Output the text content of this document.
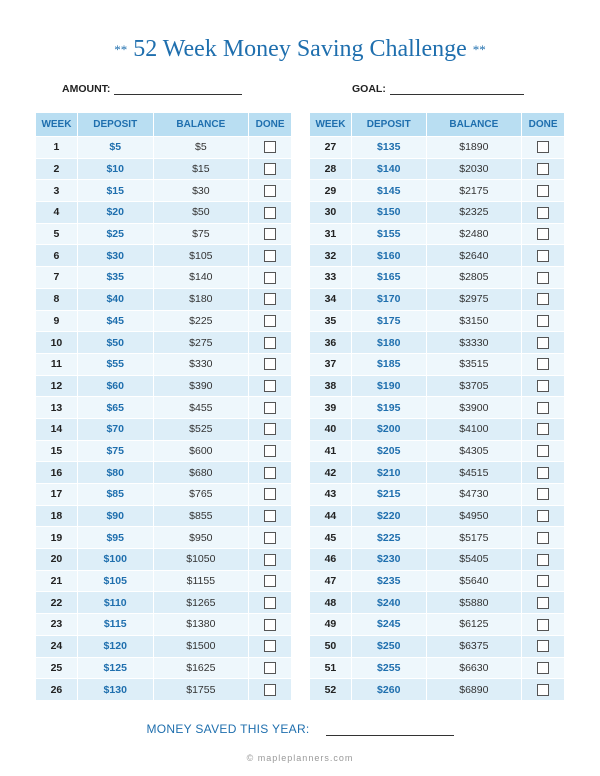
** 52 Week Money Saving Challenge **
AMOUNT:	GOAL:
WEEK	DEPOSIT	BALANCE	DONE
1	$5	$5	
2	$10	$15	
3	$15	$30	
4	$20	$50	
5	$25	$75	
6	$30	$105	
7	$35	$140	
8	$40	$180	
9	$45	$225	
10	$50	$275	
11	$55	$330	
12	$60	$390	
13	$65	$455	
14	$70	$525	
15	$75	$600	
16	$80	$680	
17	$85	$765	
18	$90	$855	
19	$95	$950	
20	$100	$1050	
21	$105	$1155	
22	$110	$1265	
23	$115	$1380	
24	$120	$1500	
25	$125	$1625	
26	$130	$1755	
WEEK	DEPOSIT	BALANCE	DONE
27	$135	$1890	
28	$140	$2030	
29	$145	$2175	
30	$150	$2325	
31	$155	$2480	
32	$160	$2640	
33	$165	$2805	
34	$170	$2975	
35	$175	$3150	
36	$180	$3330	
37	$185	$3515	
38	$190	$3705	
39	$195	$3900	
40	$200	$4100	
41	$205	$4305	
42	$210	$4515	
43	$215	$4730	
44	$220	$4950	
45	$225	$5175	
46	$230	$5405	
47	$235	$5640	
48	$240	$5880	
49	$245	$6125	
50	$250	$6375	
51	$255	$6630	
52	$260	$6890	
MONEY SAVED THIS YEAR:
© mapleplanners.com
